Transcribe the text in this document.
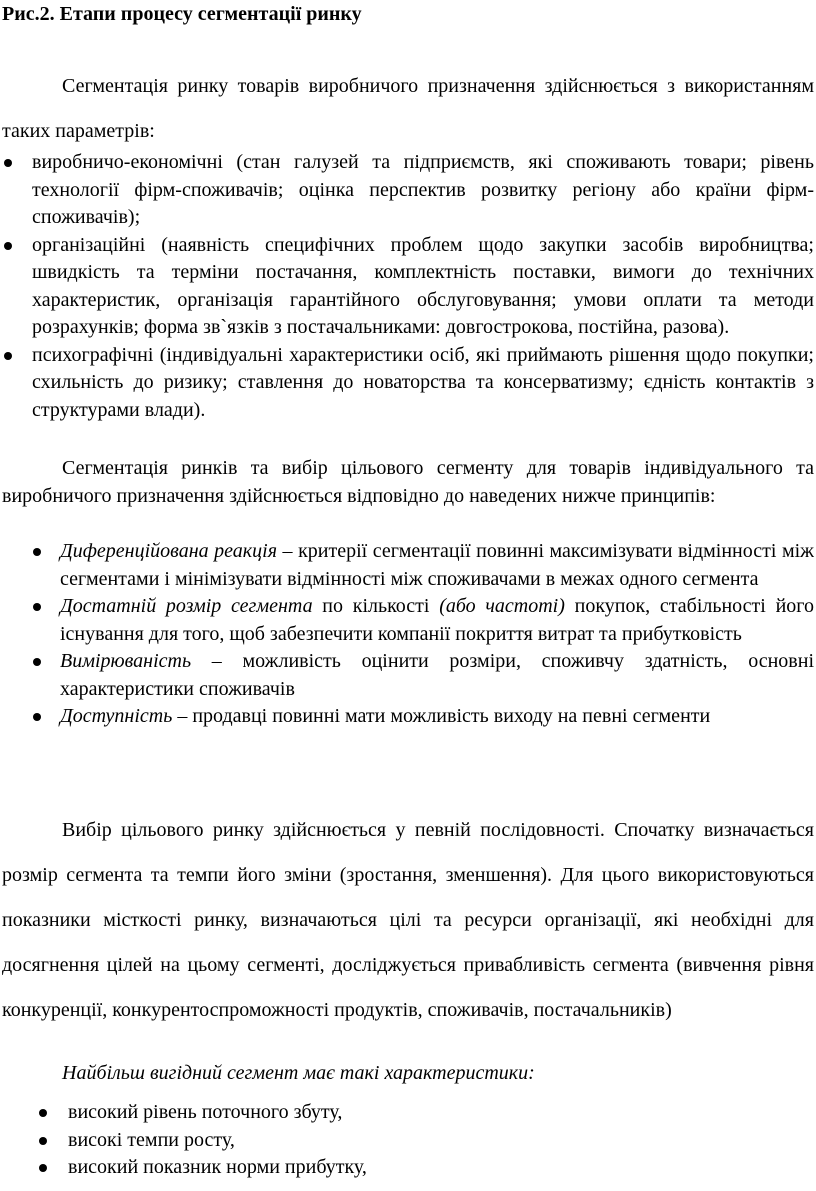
Рис.2. Етапи процесу сегментації ринку

Сегментація ринку товарів виробничого призначення здійснюється з використанням таких параметрів:

виробничо-економічні (стан галузей та підприємств, які споживають товари; рівень технології фірм-споживачів; оцінка перспектив розвитку регіону або країни фірм-споживачів);
організаційні (наявність специфічних проблем щодо закупки засобів виробництва; швидкість та терміни постачання, комплектність поставки, вимоги до технічних характеристик, організація гарантійного обслуговування; умови оплати та методи розрахунків; форма зв`язків з постачальниками: довгострокова, постійна, разова).
психографічні (індивідуальні характеристики осіб, які приймають рішення щодо покупки; схильність до ризику; ставлення до новаторства та консерватизму; єдність контактів з структурами влади).

Сегментація ринків та вибір цільового сегменту для товарів індивідуального та виробничого призначення здійснюється відповідно до наведених нижче принципів:

Диференційована реакція – критерії сегментації повинні максимізувати відмінності між сегментами і мінімізувати відмінності між споживачами в межах одного сегмента
Достатній розмір сегмента по кількості (або частоті) покупок, стабільності його існування для того, щоб забезпечити компанії покриття витрат та прибутковість
Вимірюваність – можливість оцінити розміри, споживчу здатність, основні характеристики споживачів
Доступність – продавці повинні мати можливість виходу на певні сегменти

Вибір цільового ринку здійснюється у певній послідовності. Спочатку визначається розмір сегмента та темпи його зміни (зростання, зменшення). Для цього використовуються показники місткості ринку, визначаються цілі та ресурси організації, які необхідні для досягнення цілей на цьому сегменті, досліджується привабливість сегмента (вивчення рівня конкуренції, конкурентоспроможності продуктів, споживачів, постачальників)

Найбільш вигідний сегмент має такі характеристики:
високий рівень поточного збуту,
високі темпи росту,
високий показник норми прибутку,
